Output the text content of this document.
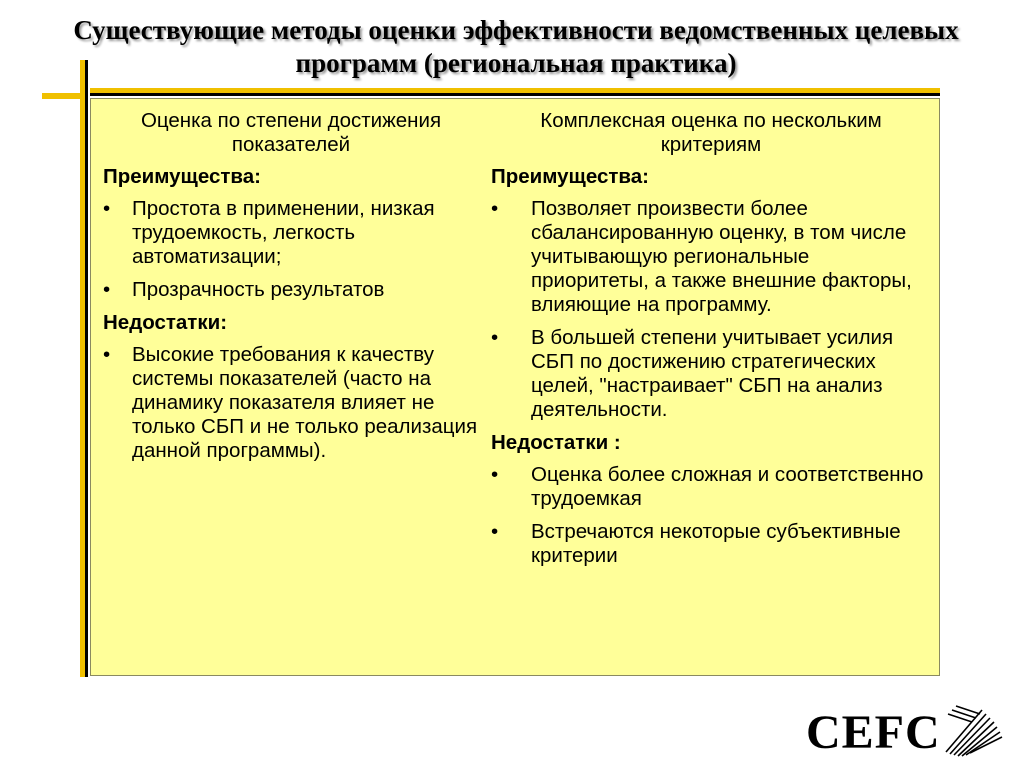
Существующие методы оценки эффективности ведомственных целевых программ (региональная практика)
Оценка по степени достижения показателей
Преимущества:
• Простота в применении, низкая трудоемкость, легкость автоматизации;
• Прозрачность результатов
Недостатки:
• Высокие требования к качеству системы показателей (часто на динамику показателя влияет не только СБП и не только реализация данной программы).
Комплексная оценка по нескольким критериям
Преимущества:
• Позволяет произвести более сбалансированную оценку, в том числе учитывающую региональные приоритеты, а также внешние факторы, влияющие на программу.
• В большей степени учитывает усилия СБП по достижению стратегических целей, "настраивает" СБП на анализ деятельности.
Недостатки :
• Оценка более сложная и соответственно трудоемкая
• Встречаются некоторые субъективные критерии
CEFC
